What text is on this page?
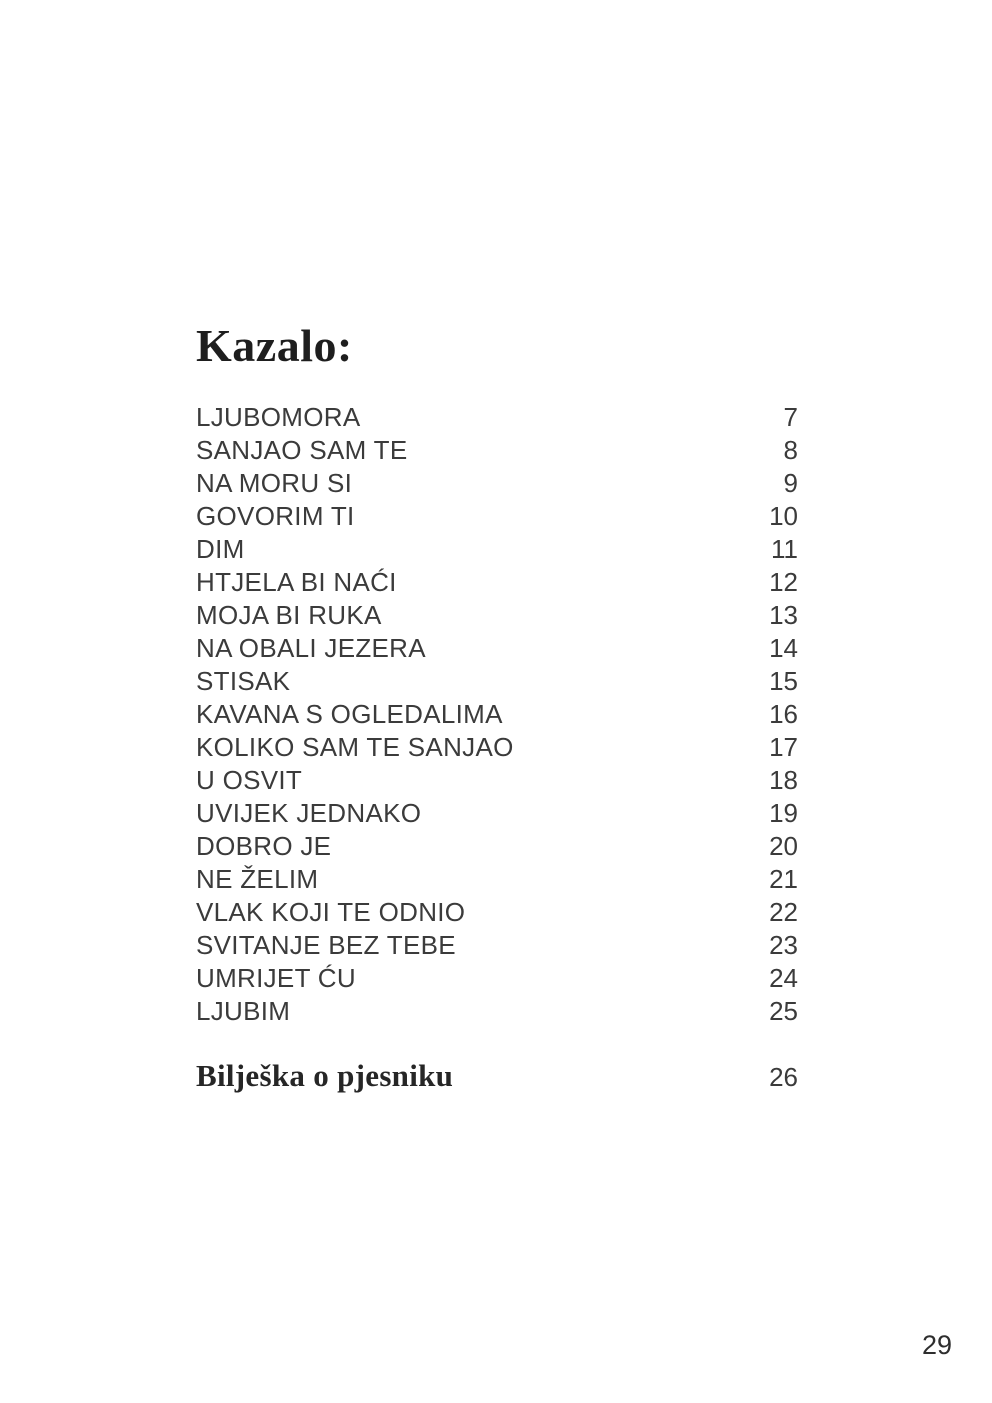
Kazalo:
LJUBOMORA	7
SANJAO SAM TE	8
NA MORU SI	9
GOVORIM TI	10
DIM	11
HTJELA BI NAĆI	12
MOJA BI RUKA	13
NA OBALI JEZERA	14
STISAK	15
KAVANA S OGLEDALIMA	16
KOLIKO SAM TE SANJAO	17
U OSVIT	18
UVIJEK JEDNAKO	19
DOBRO JE	20
NE ŽELIM	21
VLAK KOJI TE ODNIO	22
SVITANJE BEZ TEBE	23
UMRIJET ĆU	24
LJUBIM	25
Bilješka o pjesniku	26
29
